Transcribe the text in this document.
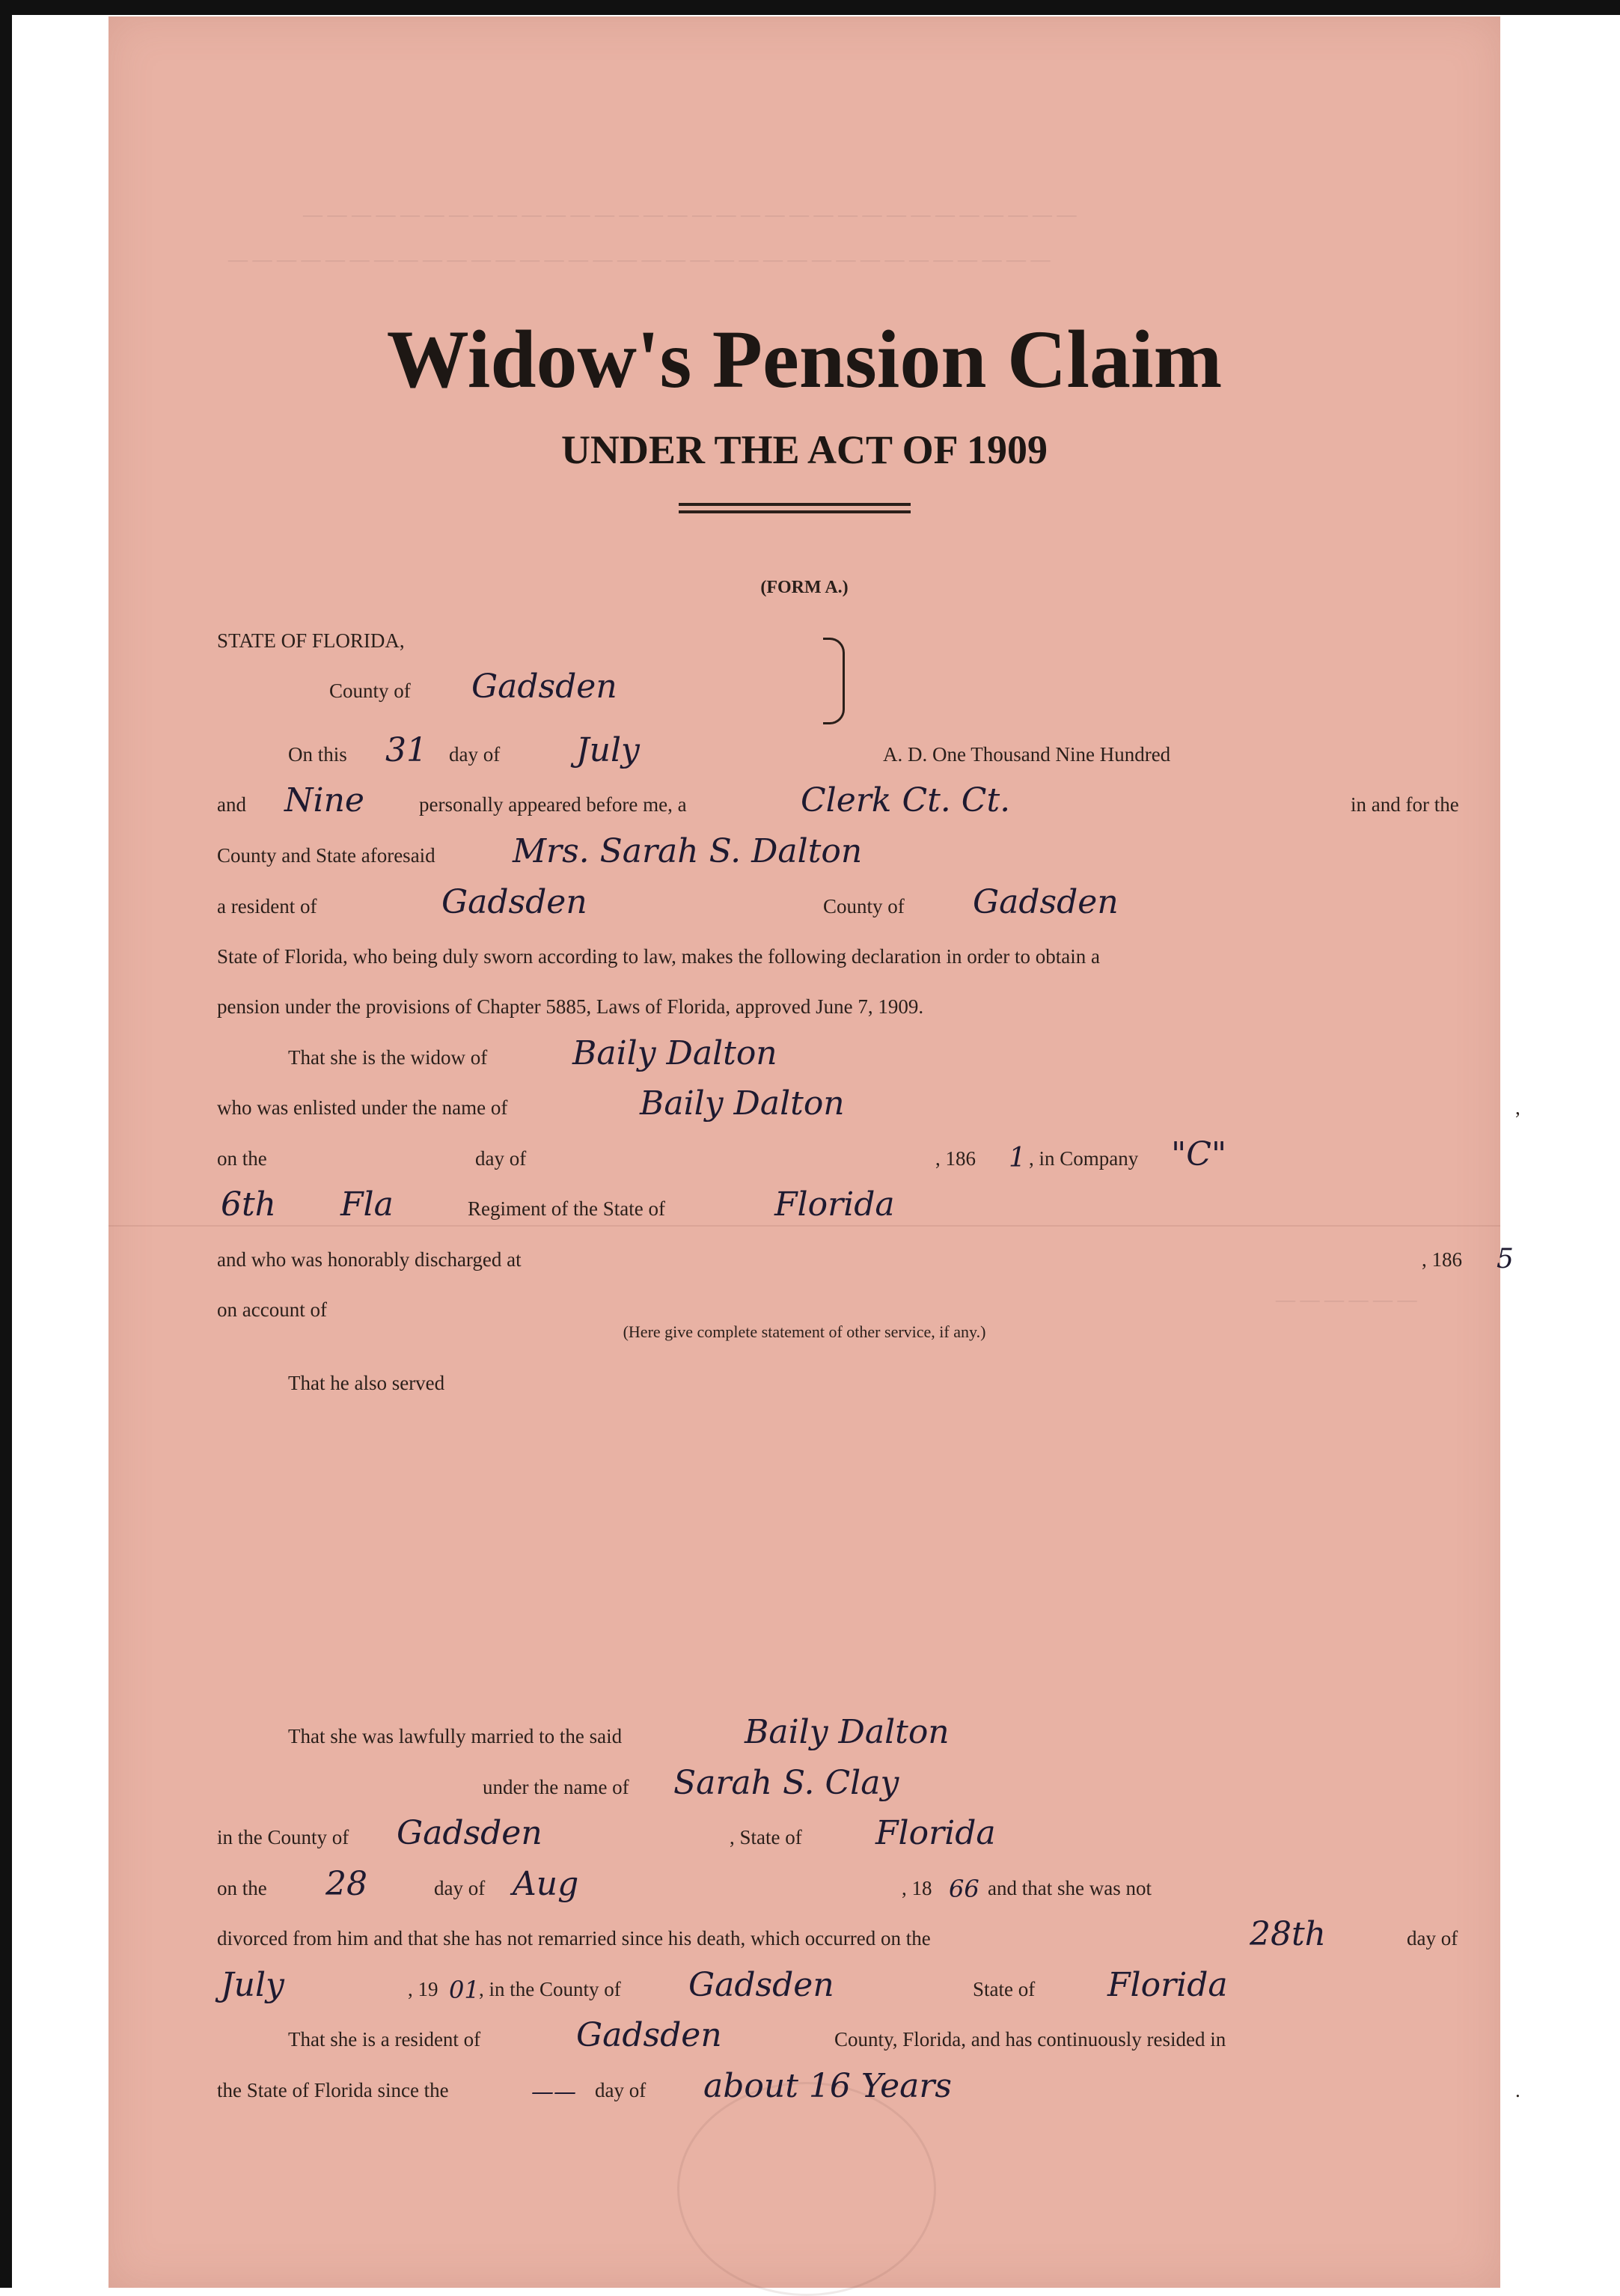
— — — — — — — — — — — — — — — — — — — — — — — — — — — — — — — —
— — — — — — — — — — — — — — — — — — — — — — — — — — — — — — — — — —
— — — — — —
Widow's Pension Claim
UNDER THE ACT OF 1909
(FORM A.)
STATE OF FLORIDA,
County of ..... Gadsden
On this ..... 31 day of ..... July	A. D. One Thousand Nine Hundred
and ..... Nine	personally appeared before me, a .....	Clerk Ct. Ct.	in and for the
County and State aforesaid ..... Mrs. Sarah S. Dalton
a resident of .....	Gadsden	County of ..... Gadsden
State of Florida, who being duly sworn according to law, makes the following declaration in order to obtain a
pension under the provisions of Chapter 5885, Laws of Florida, approved June 7, 1909.
That she is the widow of .....	Baily Dalton
who was enlisted under the name of .....	Baily Dalton	,
on the .....	day of .....	, 186 1 , in Company ..... "C"
.....
6th Fla	Regiment of the State of .....	Florida
and who was honorably discharged at .....	, 186 5
on account of
.....
(Here give complete statement of other service, if any.)
That he also served
.....
.....
.....
.....
.....
.....
.....
That she was lawfully married to the said .....	Baily Dalton
.....
under the name of ..... Sarah S. Clay
in the County of ..... Gadsden	, State of ..... Florida
on the ..... 28	day of ..... Aug	, 18 66 and that she was not
divorced from him and that she has not remarried since his death, which occurred on the .....	28th	day of
.....
July	, 19 01 , in the County of ..... Gadsden	State of ..... Florida
That she is a resident of .....	Gadsden	County, Florida, and has continuously resided in
the State of Florida since the .....	—— day of ..... about 16 Years	.
